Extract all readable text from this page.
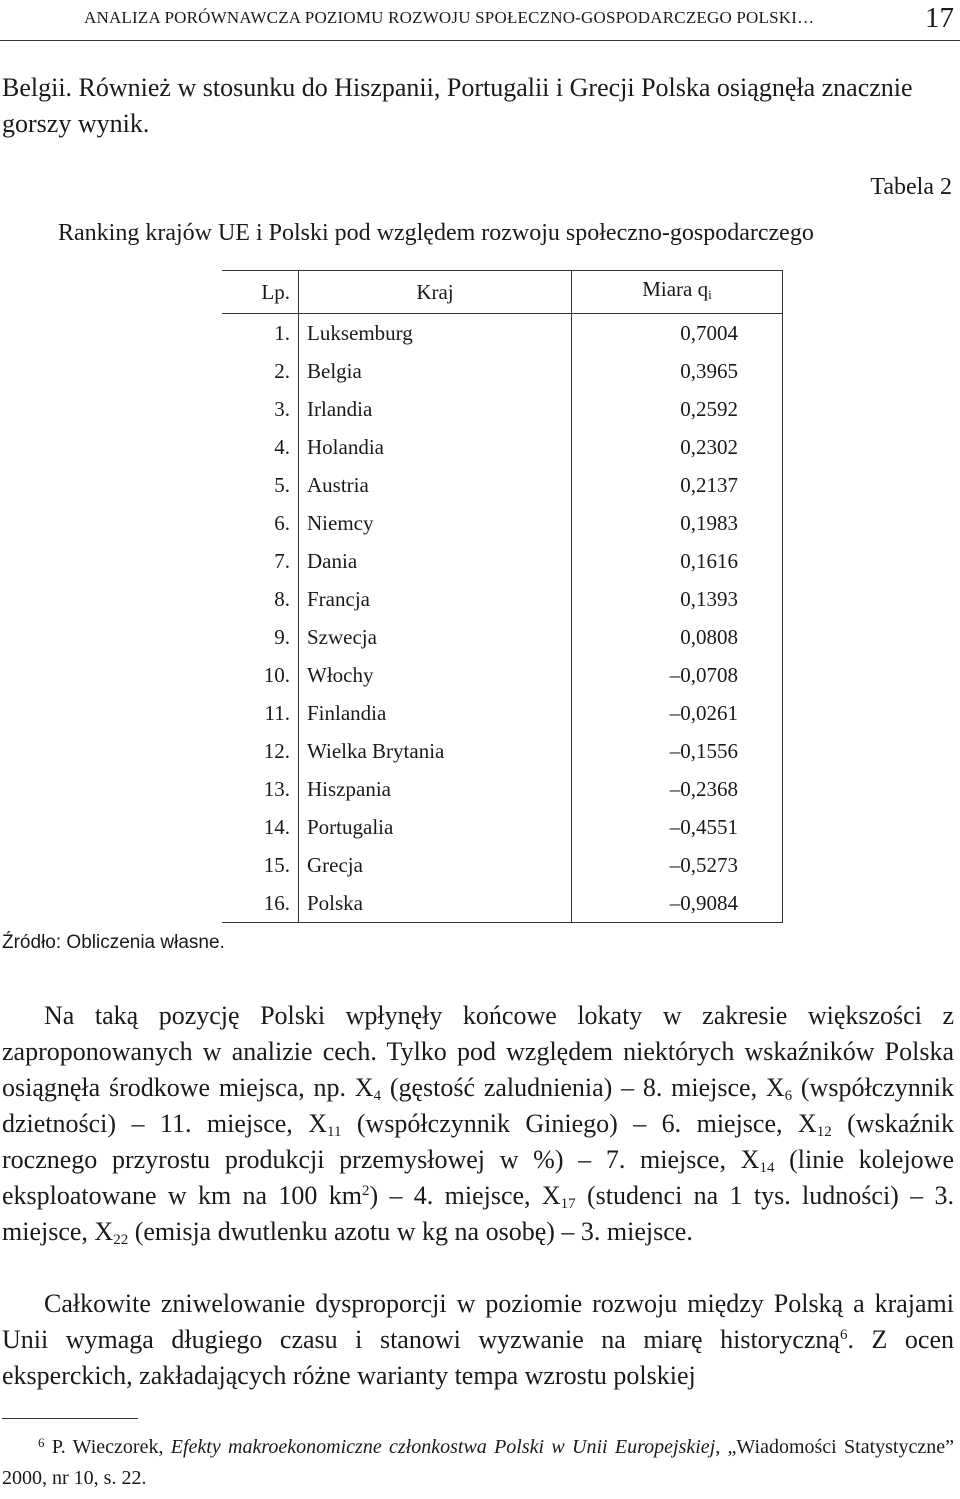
ANALIZA PORÓWNAWCZA POZIOMU ROZWOJU SPOŁECZNO-GOSPODARCZEGO POLSKI…	17

Belgii. Również w stosunku do Hiszpanii, Portugalii i Grecji Polska osiągnęła znacznie gorszy wynik.

Tabela 2
Ranking krajów UE i Polski pod względem rozwoju społeczno-gospodarczego
Lp.	Kraj	Miara $q_i$
1.	Luksemburg	0,7004
2.	Belgia	0,3965
3.	Irlandia	0,2592
4.	Holandia	0,2302
5.	Austria	0,2137
6.	Niemcy	0,1983
7.	Dania	0,1616
8.	Francja	0,1393
9.	Szwecja	0,0808
10.	Włochy	–0,0708
11.	Finlandia	–0,0261
12.	Wielka Brytania	–0,1556
13.	Hiszpania	–0,2368
14.	Portugalia	–0,4551
15.	Grecja	–0,5273
16.	Polska	–0,9084
Źródło: Obliczenia własne.

Na taką pozycję Polski wpłynęły końcowe lokaty w zakresie większości z zaproponowanych w analizie cech. Tylko pod względem niektórych wskaźników Polska osiągnęła środkowe miejsca, np. $X_4$ (gęstość zaludnienia) – 8. miejsce, $X_6$ (współczynnik dzietności) – 11. miejsce, $X_{11}$ (współczynnik Giniego) – 6. miejsce, $X_{12}$ (wskaźnik rocznego przyrostu produkcji przemysłowej w %) – 7. miejsce, $X_{14}$ (linie kolejowe eksploatowane w km na 100 $km^2) - 4$. miejsce, $X_{17}$ (studenci na 1 tys. ludności) – 3. miejsce, $X_{22}$ (emisja dwutlenku azotu w kg na osobę) – 3. miejsce.

Całkowite zniwelowanie dysproporcji w poziomie rozwoju między Polską a krajami Unii wymaga długiego czasu i stanowi wyzwanie na miarę historyczną$^6$. Z ocen eksperckich, zakładających różne warianty tempa wzrostu polskiej

$^6$ P. Wieczorek, Efekty makroekonomiczne członkostwa Polski w Unii Europejskiej, „Wiadomości Statystyczne” 2000, nr 10, s. 22.
